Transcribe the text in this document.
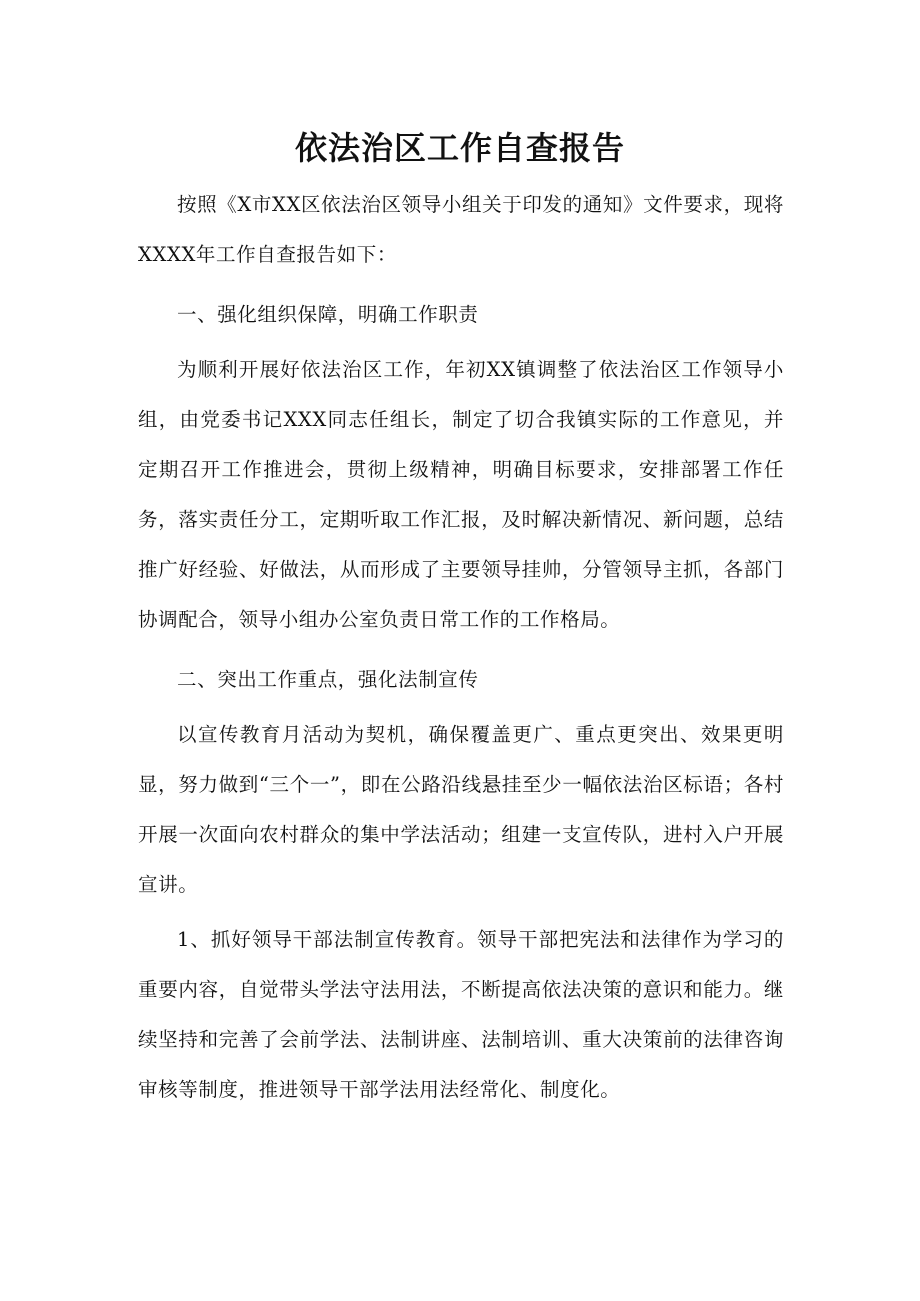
依法治区工作自查报告

按照《X市XX区依法治区领导小组关于印发的通知》文件要求，现将XXXX年工作自查报告如下：

一、强化组织保障，明确工作职责

为顺利开展好依法治区工作，年初XX镇调整了依法治区工作领导小组，由党委书记XXX同志任组长，制定了切合我镇实际的工作意见，并定期召开工作推进会，贯彻上级精神，明确目标要求，安排部署工作任务，落实责任分工，定期听取工作汇报，及时解决新情况、新问题，总结推广好经验、好做法，从而形成了主要领导挂帅，分管领导主抓，各部门协调配合，领导小组办公室负责日常工作的工作格局。

二、突出工作重点，强化法制宣传

以宣传教育月活动为契机，确保覆盖更广、重点更突出、效果更明显，努力做到“三个一”，即在公路沿线悬挂至少一幅依法治区标语；各村开展一次面向农村群众的集中学法活动；组建一支宣传队，进村入户开展宣讲。

1、抓好领导干部法制宣传教育。领导干部把宪法和法律作为学习的重要内容，自觉带头学法守法用法，不断提高依法决策的意识和能力。继续坚持和完善了会前学法、法制讲座、法制培训、重大决策前的法律咨询审核等制度，推进领导干部学法用法经常化、制度化。
